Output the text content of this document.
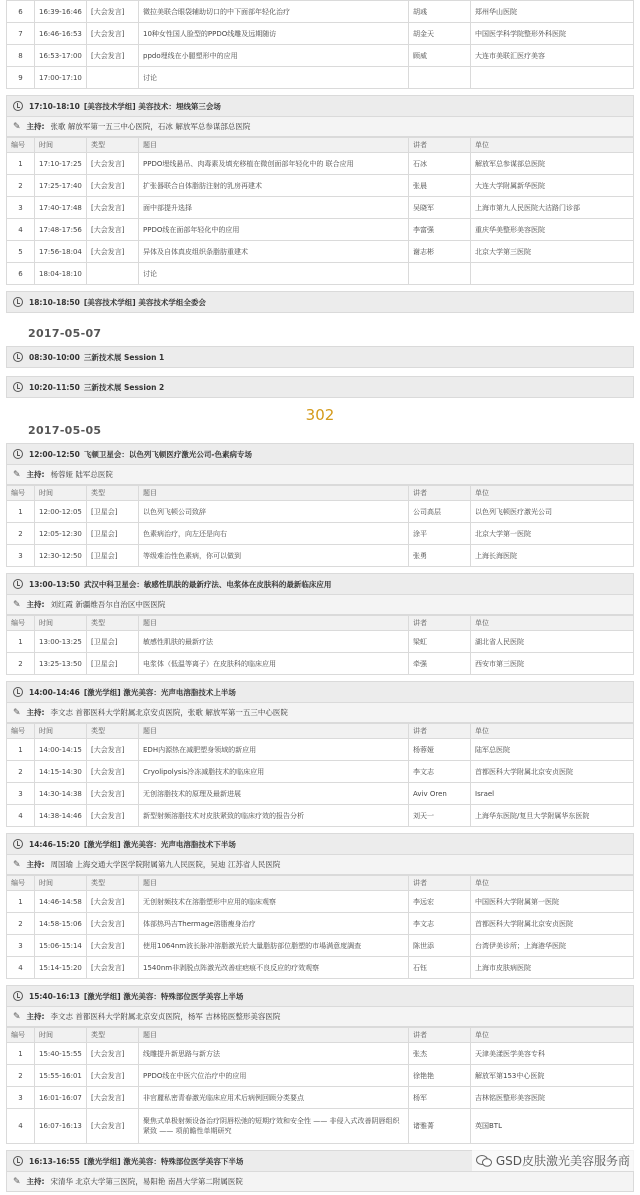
6	16:39-16:46	[大会发言]	微拉美联合眼袋辅助切口的中下面部年轻化治疗	胡彧	郑州华山医院
7	16:46-16:53	[大会发言]	10种女性国人脸型的PPDO线雕及远期随访	胡金天	中国医学科学院整形外科医院
8	16:53-17:00	[大会发言]	ppdo埋线在小腿塑形中的应用	顾威	大连市美联汇医疗美容
9	17:00-17:10		讨论		
17:10-18:10 [美容技术学组] 美容技术：埋线第三会场
✎ 主持: 张歌 解放军第一五三中心医院，石冰 解放军总参谋部总医院
编号	时间	类型	题目	讲者	单位
1	17:10-17:25	[大会发言]	PPDO埋线悬吊、肉毒素及填充移植在微创面部年轻化中的 联合应用	石冰	解放军总参谋部总医院
2	17:25-17:40	[大会发言]	扩张器联合自体脂肪注射的乳房再建术	张晨	大连大学附属新华医院
3	17:40-17:48	[大会发言]	面中部提升选择	吴晓军	上海市第九人民医院大沽路门诊部
4	17:48-17:56	[大会发言]	PPDO线在面部年轻化中的应用	李富强	重庆华美整形美容医院
5	17:56-18:04	[大会发言]	异体及自体真皮组织条脂肪重建术	谢志彬	北京大学第三医院
6	18:04-18:10		讨论		
18:10-18:50 [美容技术学组] 美容技术学组全委会
2017-05-07
08:30-10:00 三新技术展 Session 1
10:20-11:50 三新技术展 Session 2
302
2017-05-05
12:00-12:50 飞顿卫星会：以色列飞顿医疗激光公司-色素病专场
✎ 主持: 杨蓉娅 陆军总医院
编号	时间	类型	题目	讲者	单位
1	12:00-12:05	[卫星会]	以色列飞顿公司致辞	公司高层	以色列飞顿医疗激光公司
2	12:05-12:30	[卫星会]	色素病治疗，向左还是向右	涂平	北京大学第一医院
3	12:30-12:50	[卫星会]	等级难治性色素病，你可以做到	张勇	上海长海医院
13:00-13:50 武汉中科卫星会：敏感性肌肤的最新疗法、电浆体在皮肤科的最新临床应用
✎ 主持: 刘红霞 新疆维吾尔自治区中医医院
编号	时间	类型	题目	讲者	单位
1	13:00-13:25	[卫星会]	敏感性肌肤的最新疗法	梁虹	湖北省人民医院
2	13:25-13:50	[卫星会]	电浆体（低温等离子）在皮肤科的临床应用	牵强	西安市第三医院
14:00-14:46 [激光学组] 激光美容：光声电溶脂技术上半场
✎ 主持: 李文志 首都医科大学附属北京安贞医院，张歌 解放军第一五三中心医院
编号	时间	类型	题目	讲者	单位
1	14:00-14:15	[大会发言]	EDH内源热在减肥塑身领域的新应用	杨蓉娅	陆军总医院
2	14:15-14:30	[大会发言]	Cryolipolysis冷冻减脂技术的临床应用	李文志	首都医科大学附属北京安贞医院
3	14:30-14:38	[大会发言]	无创溶脂技术的原理及最新进展	Aviv Oren	Israel
4	14:38-14:46	[大会发言]	新型射频溶脂技术对皮肤紧致的临床疗效的报告分析	刘天一	上海华东医院/复旦大学附属华东医院
14:46-15:20 [激光学组] 激光美容：光声电溶脂技术下半场
✎ 主持: 周国瑜 上海交通大学医学院附属第九人民医院，吴迪 江苏省人民医院
编号	时间	类型	题目	讲者	单位
1	14:46-14:58	[大会发言]	无创射频技术在溶脂塑形中应用的临床观察	李远宏	中国医科大学附属第一医院
2	14:58-15:06	[大会发言]	体部热玛吉Thermage溶脂瘦身治疗	李文志	首都医科大学附属北京安贞医院
3	15:06-15:14	[大会发言]	使用1064nm波长脉冲溶脂激光於大量脂肪部位脂塑的市場满意度調查	陈世添	台湾伊美诊所；上海港华医院
4	15:14-15:20	[大会发言]	1540nm非剥脱点阵激光改善症疤痕不良反应的疗效观察	石钰	上海市皮肤病医院
15:40-16:13 [激光学组] 激光美容：特殊部位医学美容上半场
✎ 主持: 李文志 首都医科大学附属北京安贞医院，杨军 吉林铭医整形美容医院
编号	时间	类型	题目	讲者	单位
1	15:40-15:55	[大会发言]	线雕提升新思路与新方法	张杰	天津美漾医学美容专科
2	15:55-16:01	[大会发言]	PPDO线在中医穴位治疗中的应用	徐艳艳	解放军第153中心医院
3	16:01-16:07	[大会发言]	非官麗私密青春激光临床应用术后病例回顾分类要点	杨军	吉林铭医整形美容医院
4	16:07-16:13	[大会发言]	聚焦式单极射频设备治疗阴唇松弛的短期疗效和安全性 —— 非侵入式改善阴唇组织紧致 —— 项前瞻性单期研究	诸雅菁	英国BTL
16:13-16:55 [激光学组] 激光美容：特殊部位医学美容下半场
✎ 主持: 宋清华 北京大学第三医院，易阳艳 南昌大学第二附属医院
GSD皮肤激光美容服务商
